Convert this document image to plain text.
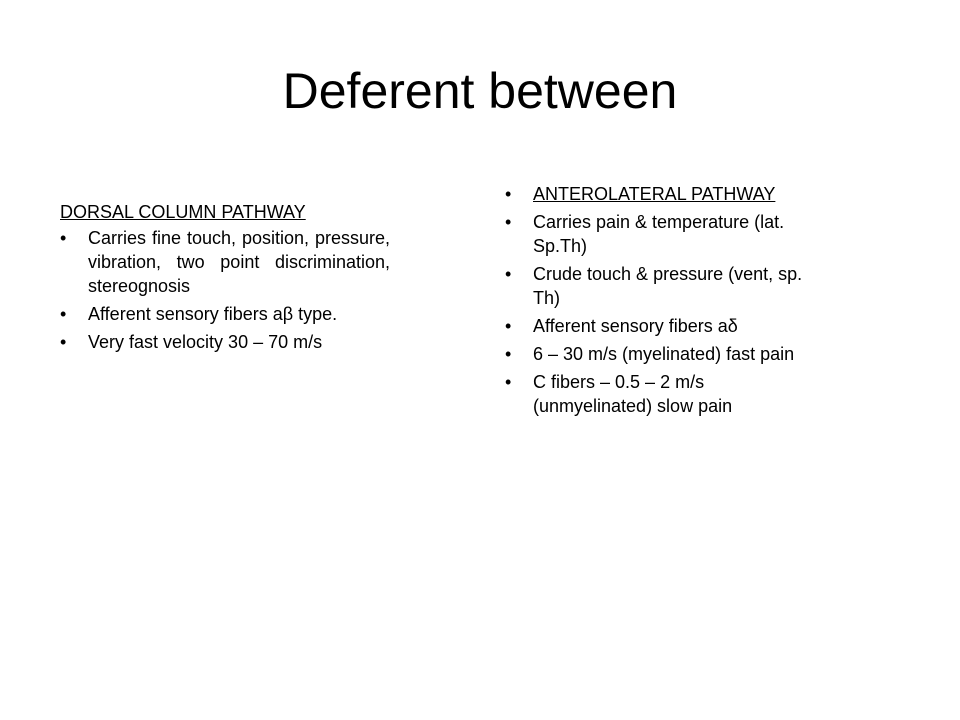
Deferent between
DORSAL COLUMN PATHWAY
•	Carries fine touch, position, pressure, vibration, two point discrimination, stereognosis
•	Afferent sensory fibers aβ type.
•	Very fast velocity 30 – 70 m/s
•	ANTEROLATERAL PATHWAY
•	Carries pain & temperature (lat. Sp.Th)
•	Crude touch & pressure (vent, sp. Th)
•	Afferent sensory fibers aδ
•	6 – 30 m/s (myelinated) fast pain
•	C fibers – 0.5 – 2 m/s (unmyelinated) slow pain
